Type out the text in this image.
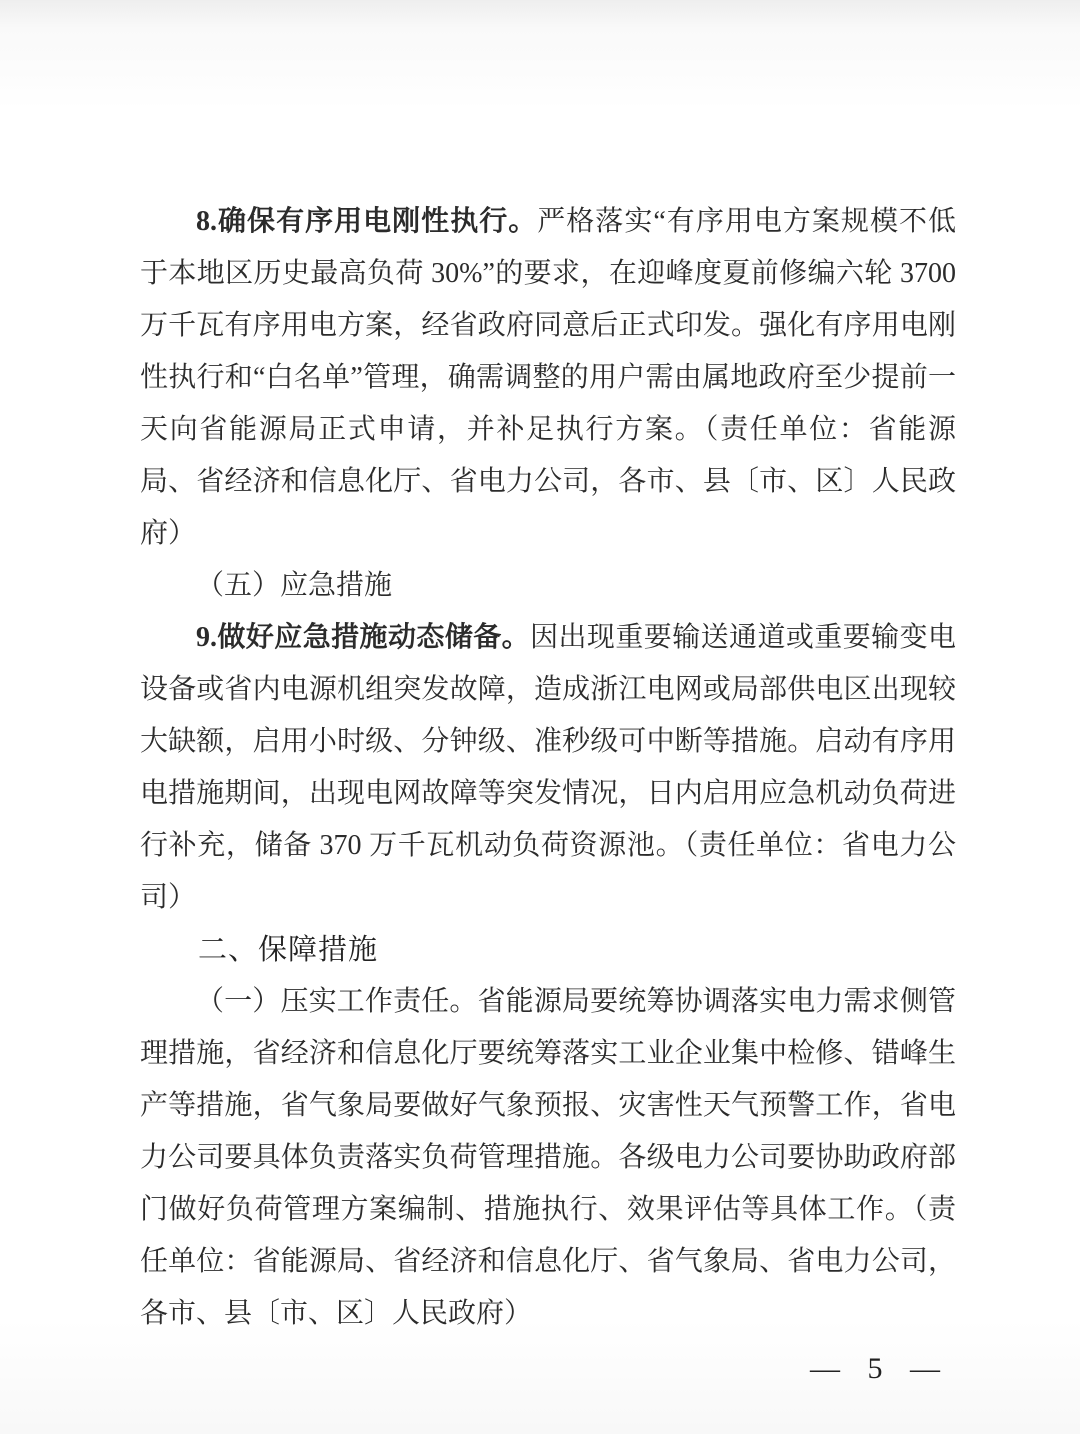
8.确保有序用电刚性执行。严格落实“有序用电方案规模不低于本地区历史最高负荷 30%”的要求，在迎峰度夏前修编六轮 3700 万千瓦有序用电方案，经省政府同意后正式印发。强化有序用电刚性执行和“白名单”管理，确需调整的用户需由属地政府至少提前一天向省能源局正式申请，并补足执行方案。（责任单位：省能源局、省经济和信息化厅、省电力公司，各市、县〔市、区〕人民政府）

（五）应急措施

9.做好应急措施动态储备。因出现重要输送通道或重要输变电设备或省内电源机组突发故障，造成浙江电网或局部供电区出现较大缺额，启用小时级、分钟级、准秒级可中断等措施。启动有序用电措施期间，出现电网故障等突发情况，日内启用应急机动负荷进行补充，储备 370 万千瓦机动负荷资源池。（责任单位：省电力公司）

二、保障措施

（一）压实工作责任。省能源局要统筹协调落实电力需求侧管理措施，省经济和信息化厅要统筹落实工业企业集中检修、错峰生产等措施，省气象局要做好气象预报、灾害性天气预警工作，省电力公司要具体负责落实负荷管理措施。各级电力公司要协助政府部门做好负荷管理方案编制、措施执行、效果评估等具体工作。（责任单位：省能源局、省经济和信息化厅、省气象局、省电力公司，各市、县〔市、区〕人民政府）

— 5 —
